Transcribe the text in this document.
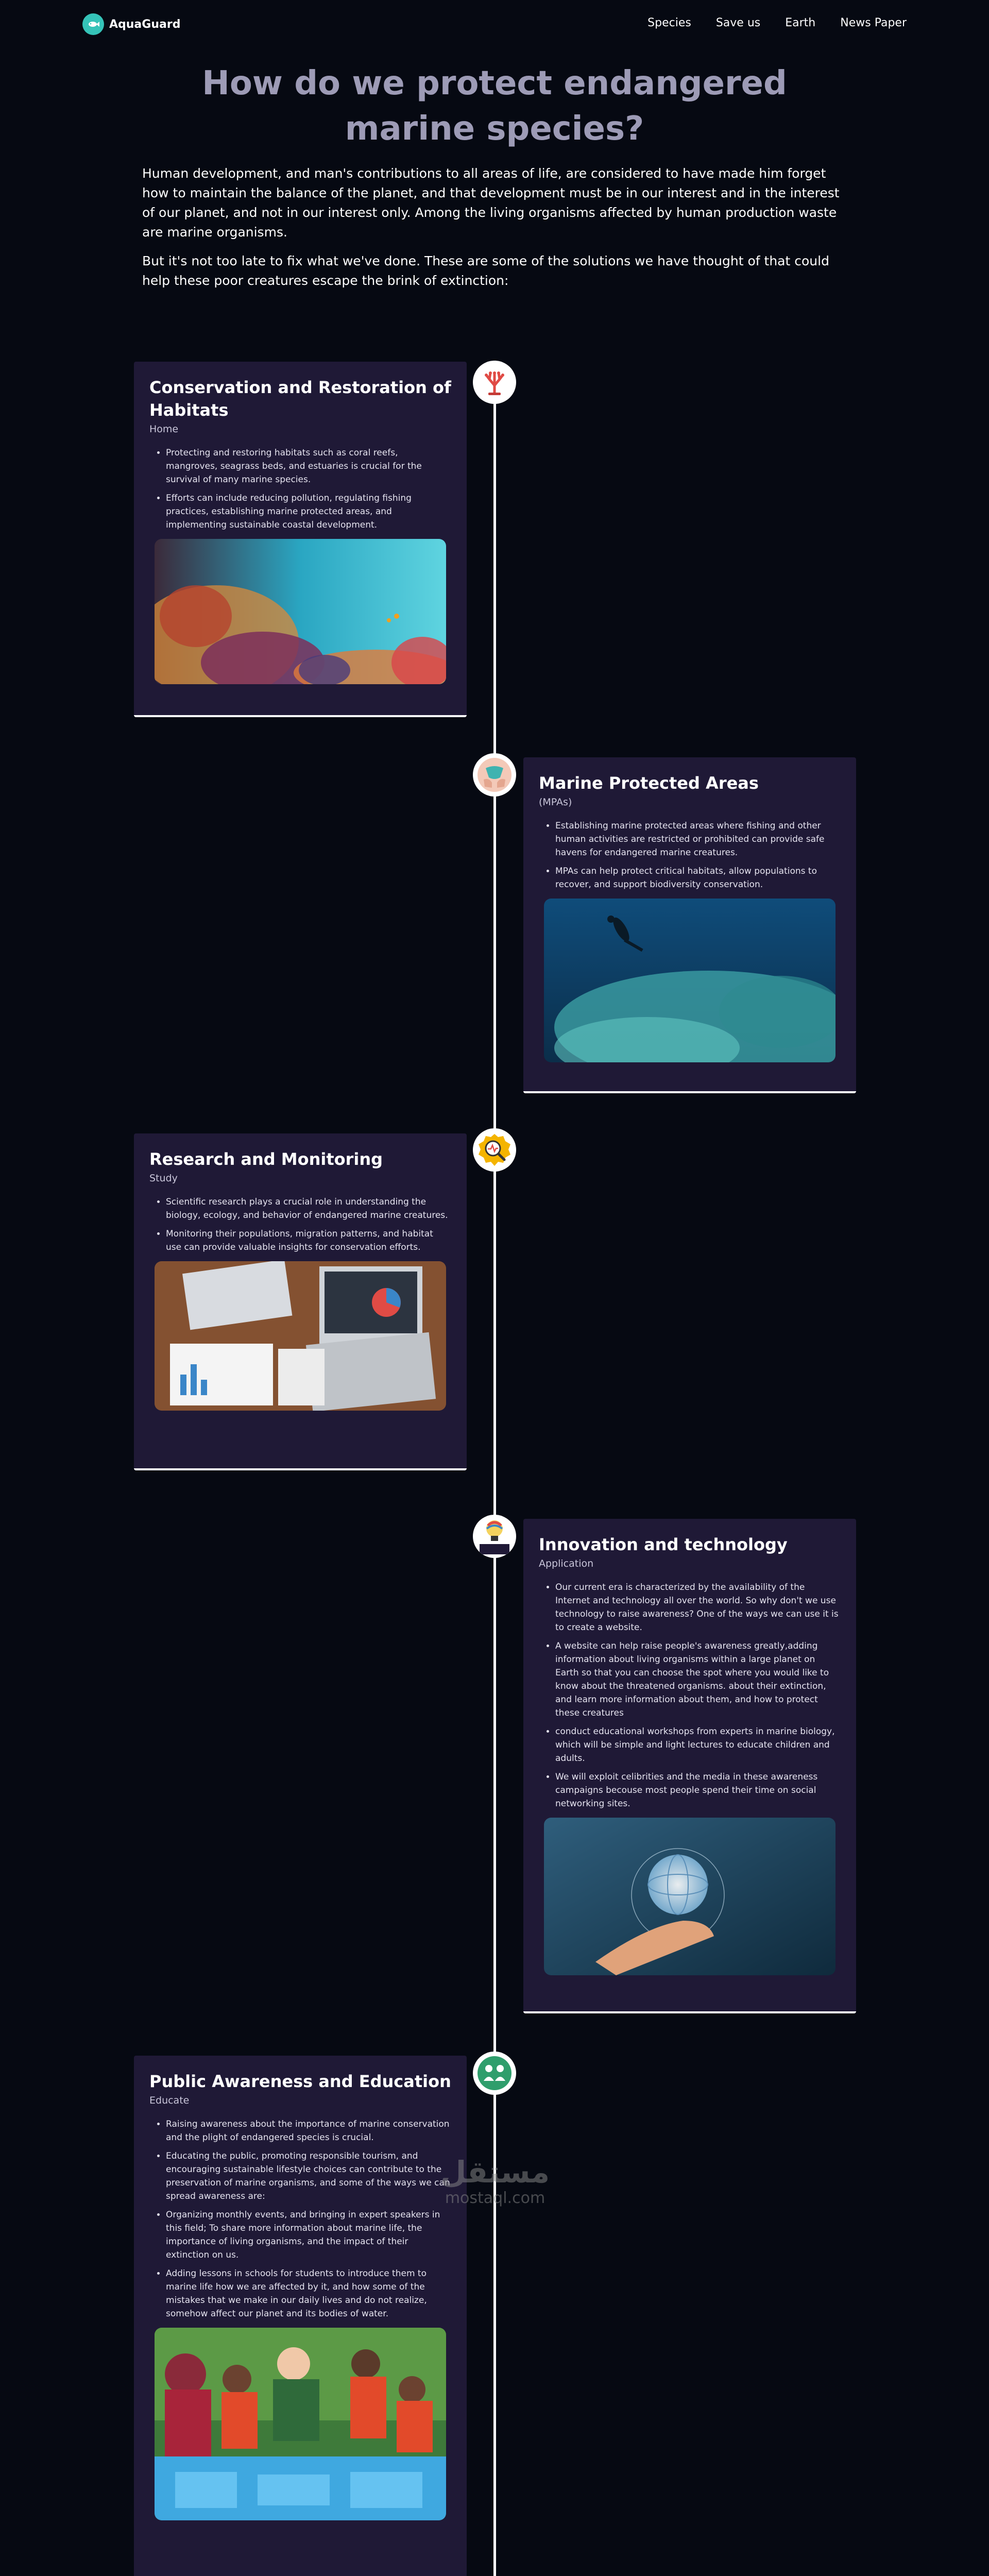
AquaGuard	Species Save us Earth News Paper
How do we protect endangered marine species?

Human development, and man's contributions to all areas of life, are considered to have made him forget how to maintain the balance of the planet, and that development must be in our interest and in the interest of our planet, and not in our interest only. Among the living organisms affected by human production waste are marine organisms.

But it's not too late to fix what we've done. These are some of the solutions we have thought of that could help these poor creatures escape the brink of extinction:

Conservation and Restoration of Habitats
Home
• Protecting and restoring habitats such as coral reefs, mangroves, seagrass beds, and estuaries is crucial for the survival of many marine species.
• Efforts can include reducing pollution, regulating fishing practices, establishing marine protected areas, and implementing sustainable coastal development.
Marine Protected Areas
(MPAs)
• Establishing marine protected areas where fishing and other human activities are restricted or prohibited can provide safe havens for endangered marine creatures.
• MPAs can help protect critical habitats, allow populations to recover, and support biodiversity conservation.
Research and Monitoring
Study
• Scientific research plays a crucial role in understanding the biology, ecology, and behavior of endangered marine creatures.
• Monitoring their populations, migration patterns, and habitat use can provide valuable insights for conservation efforts.
Innovation and technology
Application
• Our current era is characterized by the availability of the Internet and technology all over the world. So why don't we use technology to raise awareness? One of the ways we can use it is to create a website.
• A website can help raise people's awareness greatly,adding information about living organisms within a large planet on Earth so that you can choose the spot where you would like to know about the threatened organisms. about their extinction, and learn more information about them, and how to protect these creatures
• conduct educational workshops from experts in marine biology, which will be simple and light lectures to educate children and adults.
• We will exploit celibrities and the media in these awareness campaigns becouse most people spend their time on social networking sites.
Public Awareness and Education
Educate
• Raising awareness about the importance of marine conservation and the plight of endangered species is crucial.
• Educating the public, promoting responsible tourism, and encouraging sustainable lifestyle choices can contribute to the preservation of marine organisms, and some of the ways we can spread awareness are:
• Organizing monthly events, and bringing in expert speakers in this field; To share more information about marine life, the importance of living organisms, and the impact of their extinction on us.
• Adding lessons in schools for students to introduce them to marine life how we are affected by it, and how some of the mistakes that we make in our daily lives and do not realize, somehow affect our planet and its bodies of water.
مستقل
mostaql.com
